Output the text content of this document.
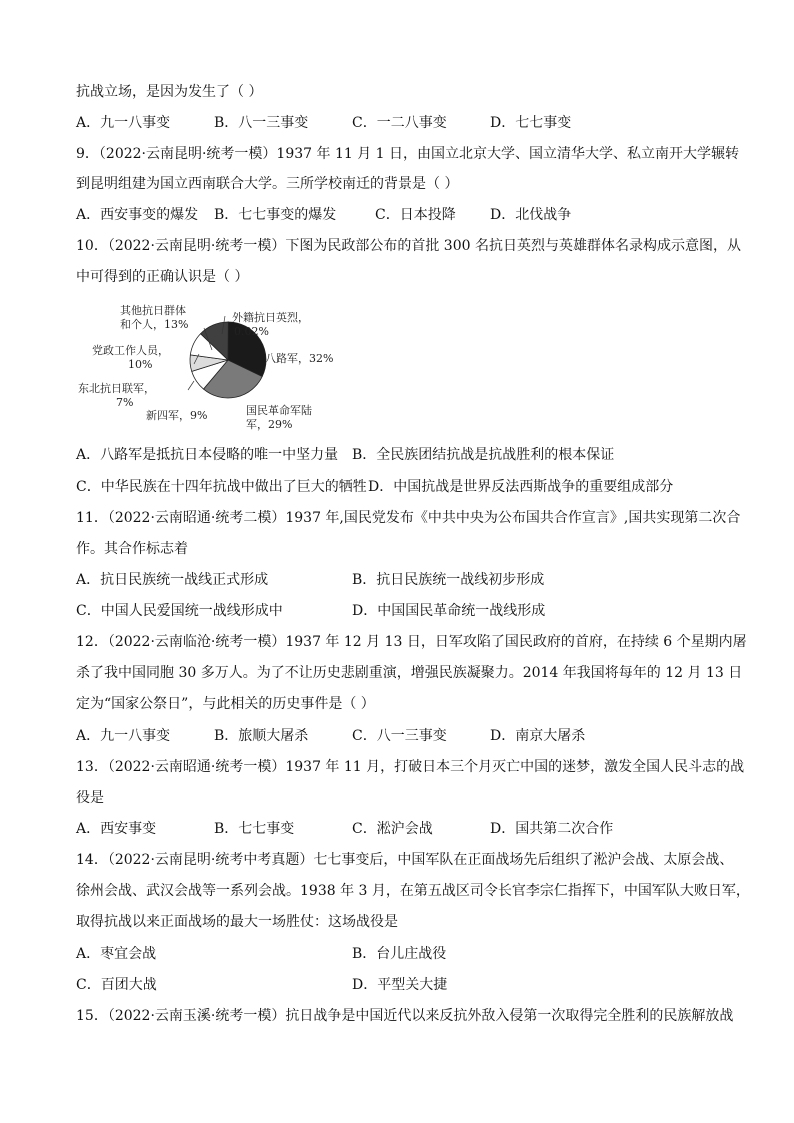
抗战立场，是因为发生了（ ）
A．九一八事变	B．八一三事变	C．一二八事变	D．七七事变
9．（2022·云南昆明·统考一模）1937 年 11 月 1 日，由国立北京大学、国立清华大学、私立南开大学辗转
到昆明组建为国立西南联合大学。三所学校南迁的背景是（ ）
A．西安事变的爆发 B．七七事变的爆发	C．日本投降 D．北伐战争
10．（2022·云南昆明·统考一模）下图为民政部公布的首批 300 名抗日英烈与英雄群体名录构成示意图，从
中可得到的正确认识是（ ）
外籍抗日英烈， 0.02%
八路军，32%
国民革命军陆军，29%
新四军，9%
东北抗日联军， 7%
党政工作人员， 10%
其他抗日群体和个人，13%
A．八路军是抵抗日本侵略的唯一中坚力量 B．全民族团结抗战是抗战胜利的根本保证
C．中华民族在十四年抗战中做出了巨大的牺牲 D．中国抗战是世界反法西斯战争的重要组成部分
11．（2022·云南昭通·统考二模）1937 年,国民党发布《中共中央为公布国共合作宣言》,国共实现第二次合
作。其合作标志着
A．抗日民族统一战线正式形成	B．抗日民族统一战线初步形成
C．中国人民爱国统一战线形成中	D．中国国民革命统一战线形成
12．（2022·云南临沧·统考一模）1937 年 12 月 13 日，日军攻陷了国民政府的首府，在持续 6 个星期内屠
杀了我中国同胞 30 多万人。为了不让历史悲剧重演，增强民族凝聚力。2014 年我国将每年的 12 月 13 日
定为“国家公祭日”，与此相关的历史事件是（ ）
A．九一八事变	B．旅顺大屠杀	C．八一三事变	D．南京大屠杀
13．（2022·云南昭通·统考一模）1937 年 11 月，打破日本三个月灭亡中国的迷梦，激发全国人民斗志的战
役是
A．西安事变	B．七七事变	C．淞沪会战	D．国共第二次合作
14．（2022·云南昆明·统考中考真题）七七事变后，中国军队在正面战场先后组织了淞沪会战、太原会战、
徐州会战、武汉会战等一系列会战。1938 年 3 月，在第五战区司令长官李宗仁指挥下，中国军队大败日军，
取得抗战以来正面战场的最大一场胜仗：这场战役是
A．枣宜会战	B．台儿庄战役
C．百团大战	D．平型关大捷
15．（2022·云南玉溪·统考一模）抗日战争是中国近代以来反抗外敌入侵第一次取得完全胜利的民族解放战
